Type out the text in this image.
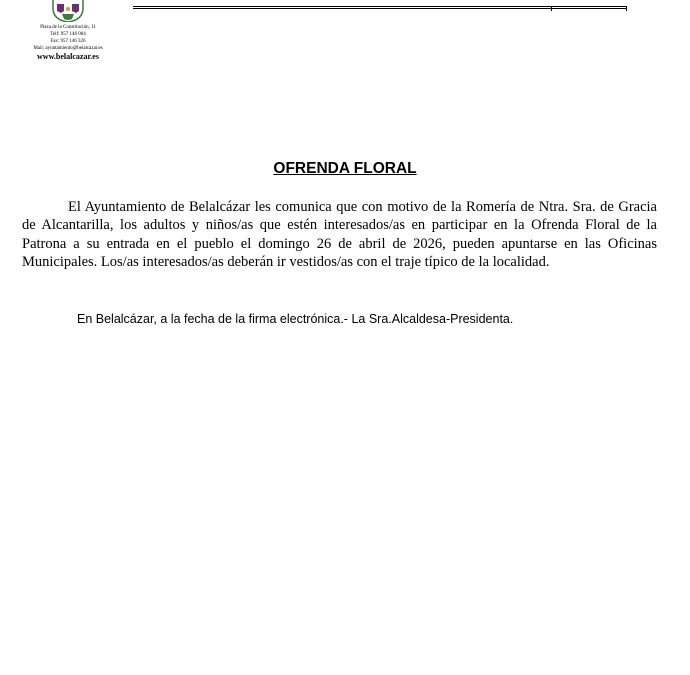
Plaza de la Constitución, 11
Telf: 957 146 004
Fax: 957 146 326
Mail: ayuntamiento@belalcazar.es
www.belalcazar.es
OFRENDA FLORAL

El Ayuntamiento de Belalcázar les comunica que con motivo de la Romería de Ntra. Sra. de Gracia de Alcantarilla, los adultos y niños/as que estén interesados/as en participar en la Ofrenda Floral de la Patrona a su entrada en el pueblo el domingo 26 de abril de 2026, pueden apuntarse en las Oficinas Municipales. Los/as interesados/as deberán ir vestidos/as con el traje típico de la localidad.

En Belalcázar, a la fecha de la firma electrónica.- La Sra.Alcaldesa-Presidenta.
